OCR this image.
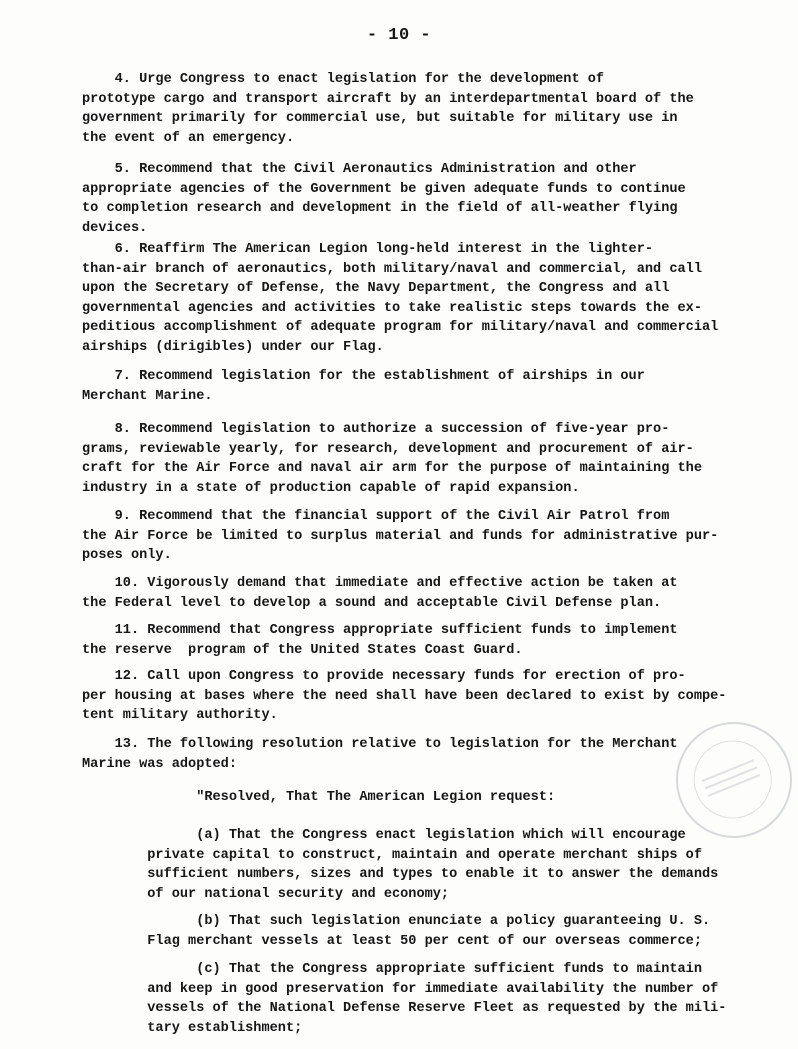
- 10 -

4. Urge Congress to enact legislation for the development of
prototype cargo and transport aircraft by an interdepartmental board of the
government primarily for commercial use, but suitable for military use in
the event of an emergency.

5. Recommend that the Civil Aeronautics Administration and other
appropriate agencies of the Government be given adequate funds to continue
to completion research and development in the field of all-weather flying
devices.

6. Reaffirm The American Legion long-held interest in the lighter-
than-air branch of aeronautics, both military/naval and commercial, and call
upon the Secretary of Defense, the Navy Department, the Congress and all
governmental agencies and activities to take realistic steps towards the ex-
peditious accomplishment of adequate program for military/naval and commercial
airships (dirigibles) under our Flag.

7. Recommend legislation for the establishment of airships in our
Merchant Marine.

8. Recommend legislation to authorize a succession of five-year pro-
grams, reviewable yearly, for research, development and procurement of air-
craft for the Air Force and naval air arm for the purpose of maintaining the
industry in a state of production capable of rapid expansion.

9. Recommend that the financial support of the Civil Air Patrol from
the Air Force be limited to surplus material and funds for administrative pur-
poses only.

10. Vigorously demand that immediate and effective action be taken at
the Federal level to develop a sound and acceptable Civil Defense plan.

11. Recommend that Congress appropriate sufficient funds to implement
the reserve  program of the United States Coast Guard.

12. Call upon Congress to provide necessary funds for erection of pro-
per housing at bases where the need shall have been declared to exist by compe-
tent military authority.

13. The following resolution relative to legislation for the Merchant
Marine was adopted:

"Resolved, That The American Legion request:

(a) That the Congress enact legislation which will encourage
private capital to construct, maintain and operate merchant ships of
sufficient numbers, sizes and types to enable it to answer the demands
of our national security and economy;

(b) That such legislation enunciate a policy guaranteeing U. S.
Flag merchant vessels at least 50 per cent of our overseas commerce;

(c) That the Congress appropriate sufficient funds to maintain
and keep in good preservation for immediate availability the number of
vessels of the National Defense Reserve Fleet as requested by the mili-
tary establishment;
